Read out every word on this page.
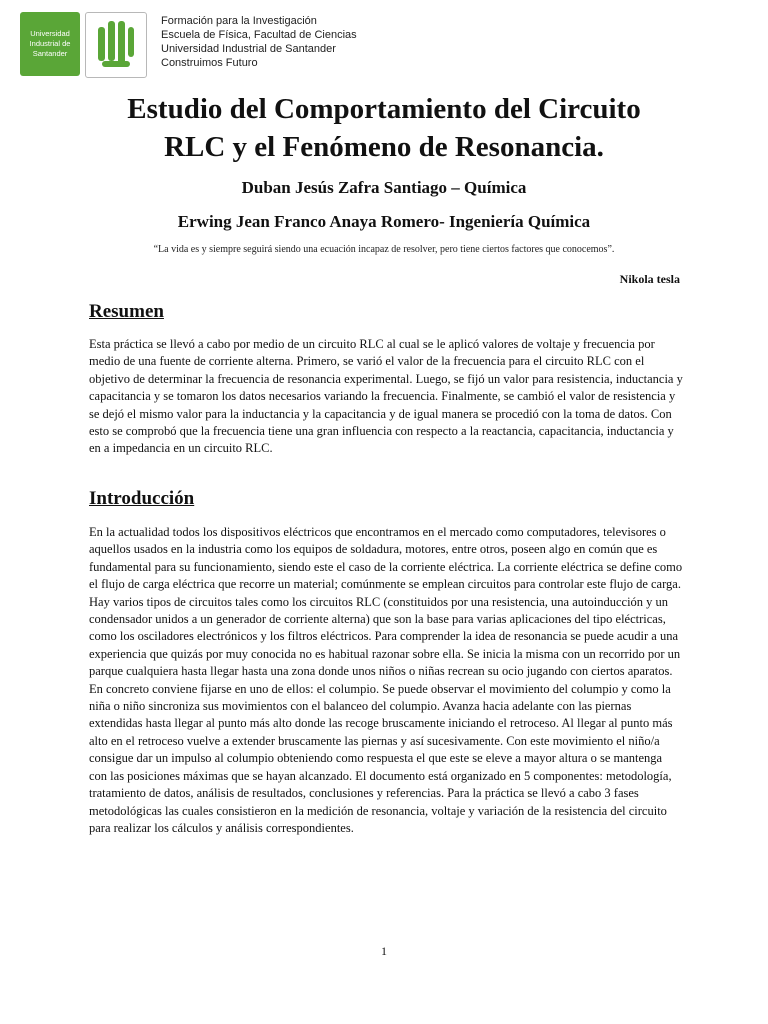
Universidad
Industrial de
Santander
Formación para la Investigación
Escuela de Física, Facultad de Ciencias
Universidad Industrial de Santander
Construimos Futuro
Estudio del Comportamiento del Circuito
RLC y el Fenómeno de Resonancia.
Duban Jesús Zafra Santiago – Química
Erwing Jean Franco Anaya Romero- Ingeniería Química
“La vida es y siempre seguirá siendo una ecuación incapaz de resolver, pero tiene ciertos factores que conocemos”.
Nikola tesla
Resumen
Esta práctica se llevó a cabo por medio de un circuito RLC al cual se le aplicó valores de voltaje y frecuencia por medio de una fuente de corriente alterna. Primero, se varió el valor de la frecuencia para el circuito RLC con el objetivo de determinar la frecuencia de resonancia experimental. Luego, se fijó un valor para resistencia, inductancia y capacitancia y se tomaron los datos necesarios variando la frecuencia. Finalmente, se cambió el valor de resistencia y se dejó el mismo valor para la inductancia y la capacitancia y de igual manera se procedió con la toma de datos. Con esto se comprobó que la frecuencia tiene una gran influencia con respecto a la reactancia, capacitancia, inductancia y en a impedancia en un circuito RLC.
Introducción
En la actualidad todos los dispositivos eléctricos que encontramos en el mercado como computadores, televisores o aquellos usados en la industria como los equipos de soldadura, motores, entre otros, poseen algo en común que es fundamental para su funcionamiento, siendo este el caso de la corriente eléctrica. La corriente eléctrica se define como el flujo de carga eléctrica que recorre un material; comúnmente se emplean circuitos para controlar este flujo de carga. Hay varios tipos de circuitos tales como los circuitos RLC (constituidos por una resistencia, una autoinducción y un condensador unidos a un generador de corriente alterna) que son la base para varias aplicaciones del tipo eléctricas, como los osciladores electrónicos y los filtros eléctricos. Para comprender la idea de resonancia se puede acudir a una experiencia que quizás por muy conocida no es habitual razonar sobre ella. Se inicia la misma con un recorrido por un parque cualquiera hasta llegar hasta una zona donde unos niños o niñas recrean su ocio jugando con ciertos aparatos. En concreto conviene fijarse en uno de ellos: el columpio. Se puede observar el movimiento del columpio y como la niña o niño sincroniza sus movimientos con el balanceo del columpio. Avanza hacia adelante con las piernas extendidas hasta llegar al punto más alto donde las recoge bruscamente iniciando el retroceso. Al llegar al punto más alto en el retroceso vuelve a extender bruscamente las piernas y así sucesivamente. Con este movimiento el niño/a consigue dar un impulso al columpio obteniendo como respuesta el que este se eleve a mayor altura o se mantenga con las posiciones máximas que se hayan alcanzado. El documento está organizado en 5 componentes: metodología, tratamiento de datos, análisis de resultados, conclusiones y referencias. Para la práctica se llevó a cabo 3 fases metodológicas las cuales consistieron en la medición de resonancia, voltaje y variación de la resistencia del circuito para realizar los cálculos y análisis correspondientes.
1
